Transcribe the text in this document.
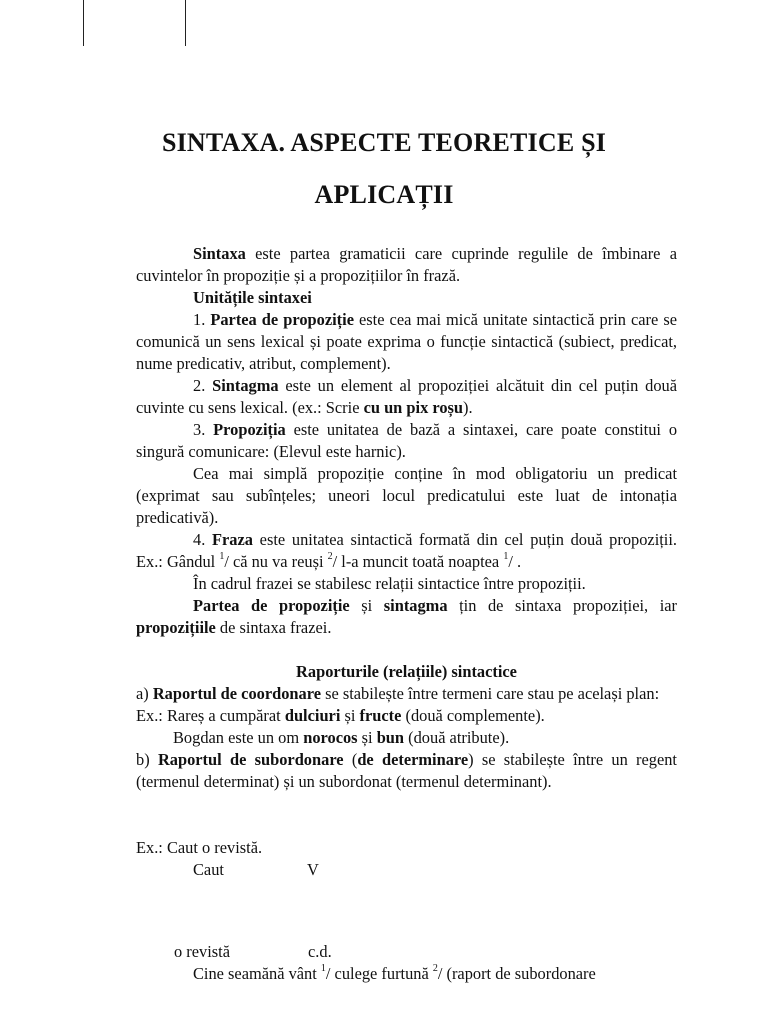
SINTAXA. ASPECTE TEORETICE ȘI
APLICAȚII

Sintaxa este partea gramaticii care cuprinde regulile de îmbinare a cuvintelor în propoziție și a propozițiilor în frază.

Unitățile sintaxei

1. Partea de propoziție este cea mai mică unitate sintactică prin care se comunică un sens lexical și poate exprima o funcție sintactică (subiect, predicat, nume predicativ, atribut, complement).

2. Sintagma este un element al propoziției alcătuit din cel puțin două cuvinte cu sens lexical. (ex.: Scrie cu un pix roșu).

3. Propoziția este unitatea de bază a sintaxei, care poate constitui o singură comunicare: (Elevul este harnic).

Cea mai simplă propoziție conține în mod obligatoriu un predicat (exprimat sau subînțeles; uneori locul predicatului este luat de intonația predicativă).

4. Fraza este unitatea sintactică formată din cel puțin două propoziții. Ex.: Gândul $^1$/ că nu va reuși $^2$/ l-a muncit toată noaptea $^1$/ .

În cadrul frazei se stabilesc relații sintactice între propoziții.

Partea de propoziție și sintagma țin de sintaxa propoziției, iar propozițiile de sintaxa frazei.

Raporturile (relațiile) sintactice

a) Raportul de coordonare se stabilește între termeni care stau pe același plan:

Ex.: Rareș a cumpărat dulciuri și fructe (două complemente).

Bogdan este un om norocos și bun (două atribute).

b) Raportul de subordonare (de determinare) se stabilește între un regent (termenul determinat) și un subordonat (termenul determinant).

Ex.: Caut o revistă.

Caut	V
o revistă	c.d.

Cine seamănă vânt $^1$/ culege furtună $^2$/ (raport de subordonare
